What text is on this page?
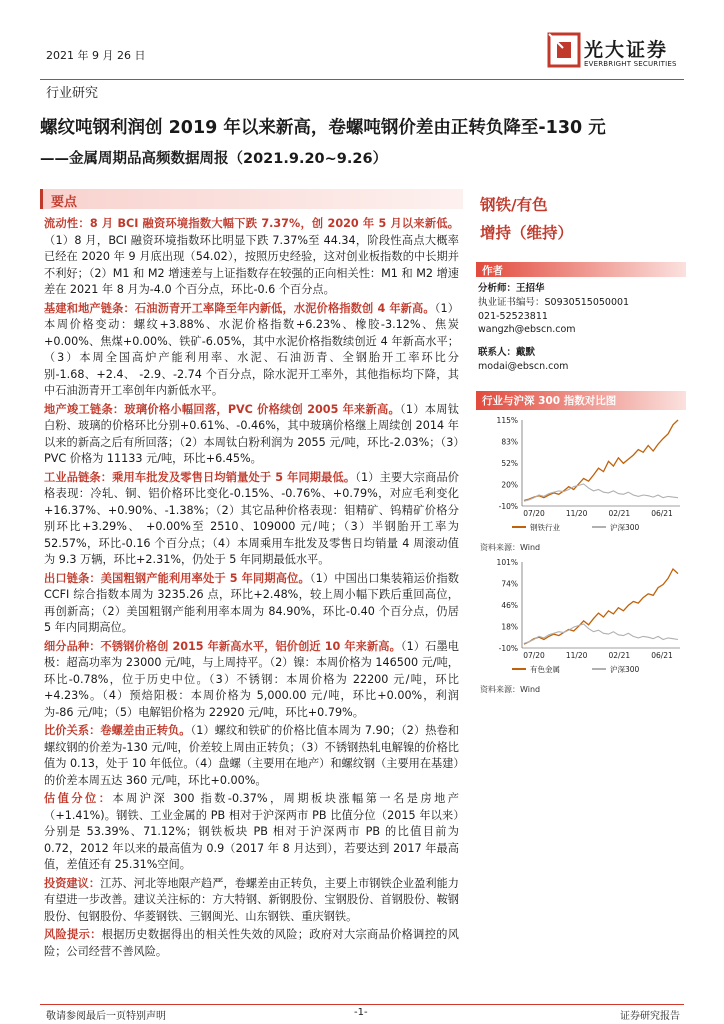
2021 年 9 月 26 日	光大证券
EVERBRIGHT SECURITIES
行业研究
螺纹吨钢利润创 2019 年以来新高，卷螺吨钢价差由正转负降至-130 元
——金属周期品高频数据周报（2021.9.20~9.26）
要点

流动性：8 月 BCI 融资环境指数大幅下跌 7.37%，创 2020 年 5 月以来新低。（1）8 月，BCI 融资环境指数环比明显下跌 7.37%至 44.34，阶段性高点大概率已经在 2020 年 9 月底出现（54.02），按照历史经验，这对创业板指数的中长期并不利好；（2）M1 和 M2 增速差与上证指数存在较强的正向相关性：M1 和 M2 增速差在 2021 年 8 月为-4.0 个百分点，环比-0.6 个百分点。

基建和地产链条：石油沥青开工率降至年内新低，水泥价格指数创 4 年新高。（1）本周价格变动：螺纹+3.88%、水泥价格指数+6.23%、橡胶-3.12%、焦炭+0.00%、焦煤+0.00%、铁矿-6.05%，其中水泥价格指数续创近 4 年新高水平；（3）本周全国高炉产能利用率、水泥、石油沥青、全钢胎开工率环比分别-1.68、+2.4、 -2.9、-2.74 个百分点，除水泥开工率外，其他指标均下降，其中石油沥青开工率创年内新低水平。

地产竣工链条：玻璃价格小幅回落，PVC 价格续创 2005 年来新高。（1）本周钛白粉、玻璃的价格环比分别+0.61%、-0.46%，其中玻璃价格继上周续创 2014 年以来的新高之后有所回落；（2）本周钛白粉利润为 2055 元/吨，环比-2.03%；（3）PVC 价格为 11133 元/吨，环比+6.45%。

工业品链条：乘用车批发及零售日均销量处于 5 年同期最低。（1）主要大宗商品价格表现：冷轧、铜、铝价格环比变化-0.15%、-0.76%、+0.79%，对应毛利变化+16.37%、+0.90%、-1.38%；（2）其它品种价格表现：钼精矿、钨精矿价格分别环比+3.29%、 +0.00%至 2510、109000 元/吨；（3）半钢胎开工率为 52.57%，环比-0.16 个百分点；（4）本周乘用车批发及零售日均销量 4 周滚动值为 9.3 万辆，环比+2.31%，仍处于 5 年同期最低水平。

出口链条：美国粗钢产能利用率处于 5 年同期高位。（1）中国出口集装箱运价指数 CCFI 综合指数本周为 3235.26 点，环比+2.48%，较上周小幅下跌后重回高位，再创新高；（2）美国粗钢产能利用率本周为 84.90%，环比-0.40 个百分点，仍居 5 年内同期高位。

细分品种：不锈钢价格创 2015 年新高水平，铝价创近 10 年来新高。（1）石墨电极：超高功率为 23000 元/吨，与上周持平。（2）镍：本周价格为 146500 元/吨，环比-0.78%，位于历史中位。（3）不锈钢：本周价格为 22200 元/吨，环比+4.23%。（4）预焙阳极：本周价格为 5,000.00 元/吨，环比+0.00%，利润为-86 元/吨；（5）电解铝价格为 22920 元/吨，环比+0.79%。

比价关系：卷螺差由正转负。（1）螺纹和铁矿的价格比值本周为 7.90；（2）热卷和螺纹钢的价差为-130 元/吨，价差较上周由正转负；（3）不锈钢热轧电解镍的价格比值为 0.13，处于 10 年低位。（4）盘螺（主要用在地产）和螺纹钢（主要用在基建）的价差本周五达 360 元/吨，环比+0.00%。

估值分位：本周沪深 300 指数-0.37%，周期板块涨幅第一名是房地产（+1.41%)。钢铁、工业金属的 PB 相对于沪深两市 PB 比值分位（2015 年以来）分别是 53.39%、71.12%；钢铁板块 PB 相对于沪深两市 PB 的比值目前为 0.72，2012 年以来的最高值为 0.9（2017 年 8 月达到），若要达到 2017 年最高值，差值还有 25.31%空间。

投资建议：江苏、河北等地限产趋严，卷螺差由正转负，主要上市钢铁企业盈利能力有望进一步改善。建议关注标的：方大特钢、新钢股份、宝钢股份、首钢股份、鞍钢股份、包钢股份、华菱钢铁、三钢闽光、山东钢铁、重庆钢铁。

风险提示：根据历史数据得出的相关性失效的风险；政府对大宗商品价格调控的风险；公司经营不善风险。

钢铁/有色
增持（维持）
作者
分析师：王招华
执业证书编号：S0930515050001
021-52523811
wangzh@ebscn.com
联系人：戴默
modai@ebscn.com
行业与沪深 300 指数对比图
115%
83%
52%
20%
-10%
07/20	11/20	02/21	06/21
钢铁行业	沪深300
资料来源：Wind
101%
74%
46%
18%
-10%
07/20	11/20	02/21	06/21
有色金属	沪深300
资料来源：Wind
敬请参阅最后一页特别声明	-1-	证券研究报告
